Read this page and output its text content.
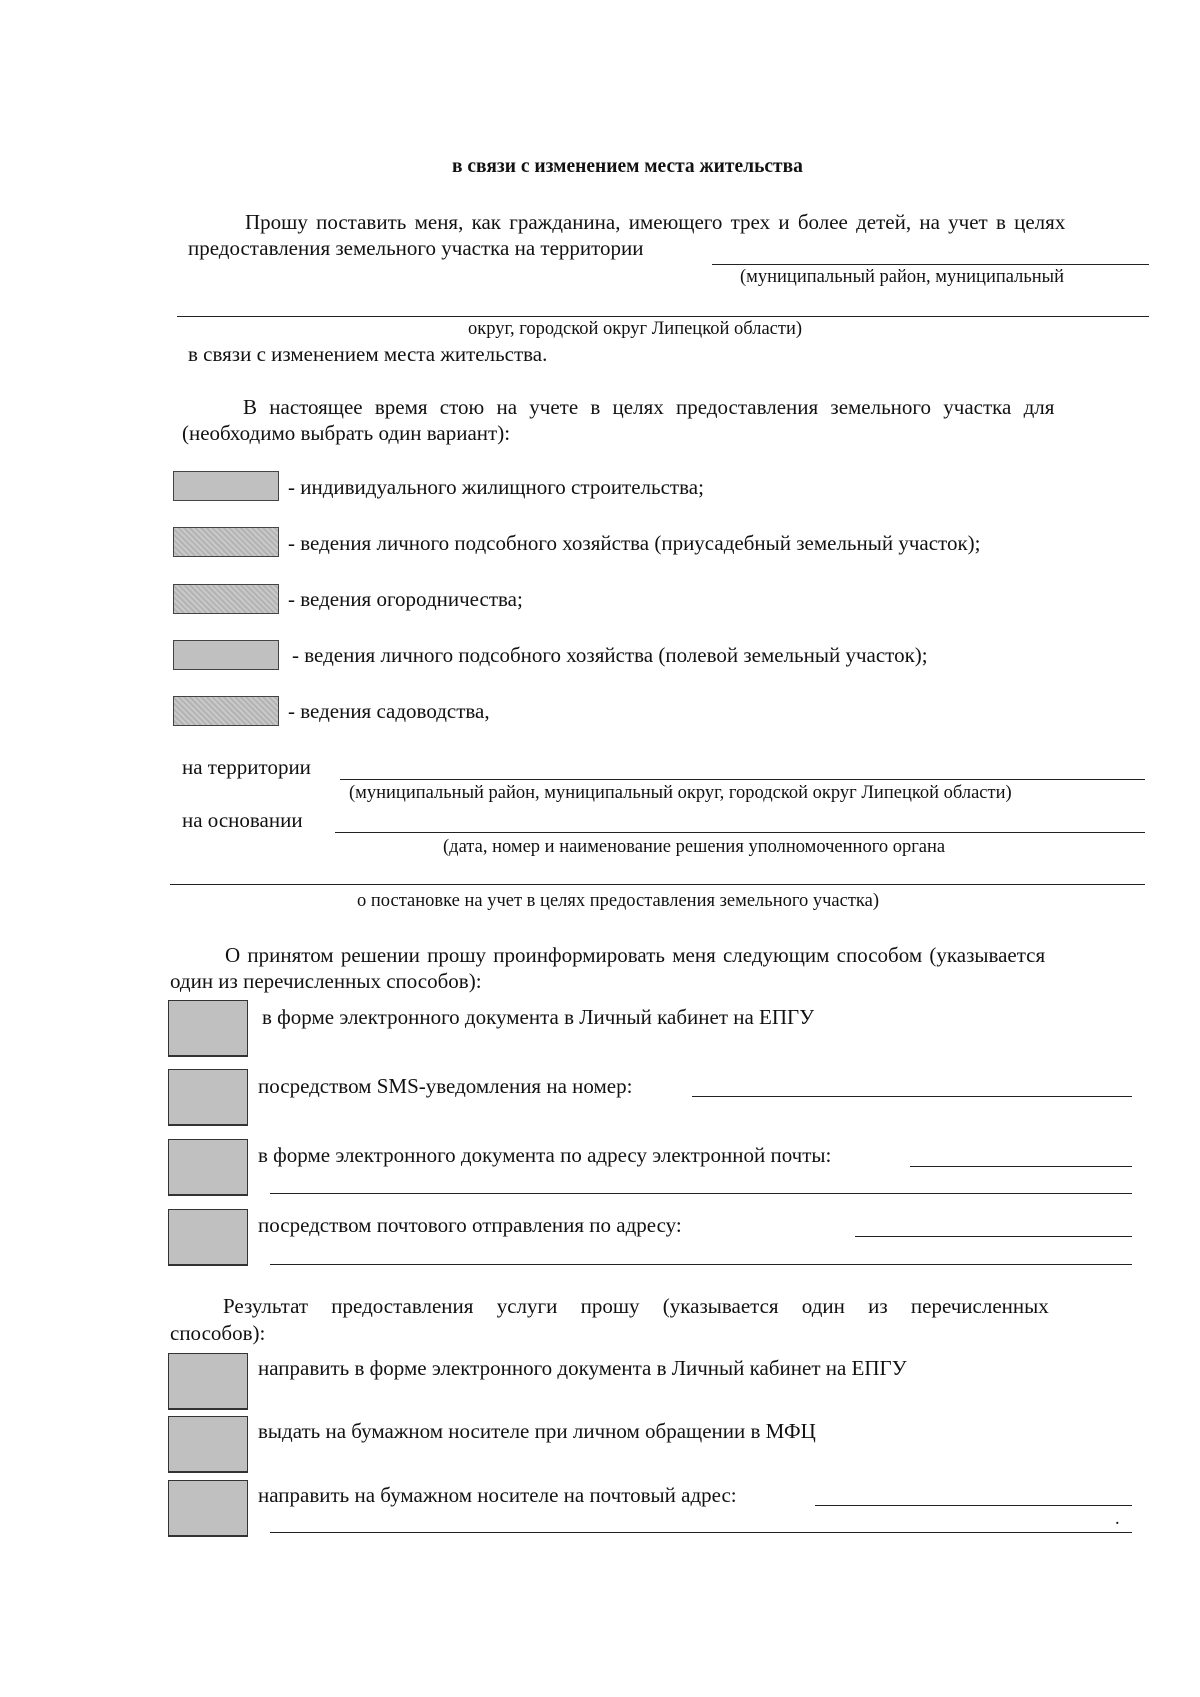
в связи с изменением места жительства
Прошу поставить меня, как гражданина, имеющего трех и более детей, на учет в целях
предоставления земельного участка на территории
(муниципальный район, муниципальный
округ, городской округ Липецкой области)
в связи с изменением места жительства.
В настоящее время стою на учете в целях предоставления земельного участка для
(необходимо выбрать один вариант):
- индивидуального жилищного строительства;
- ведения личного подсобного хозяйства (приусадебный земельный участок);
- ведения огородничества;
- ведения личного подсобного хозяйства (полевой земельный участок);
- ведения садоводства,
на территории
(муниципальный район, муниципальный округ, городской округ Липецкой области)
на основании
(дата, номер и наименование решения уполномоченного органа
о постановке на учет в целях предоставления земельного участка)
О принятом решении прошу проинформировать меня следующим способом (указывается
один из перечисленных способов):
в форме электронного документа в Личный кабинет на ЕПГУ
посредством SMS-уведомления на номер:
в форме электронного документа по адресу электронной почты:
посредством почтового отправления по адресу:
Результат предоставления услуги прошу (указывается один из перечисленных
способов):
направить в форме электронного документа в Личный кабинет на ЕПГУ
выдать на бумажном носителе при личном обращении в МФЦ
направить на бумажном носителе на почтовый адрес:
.
